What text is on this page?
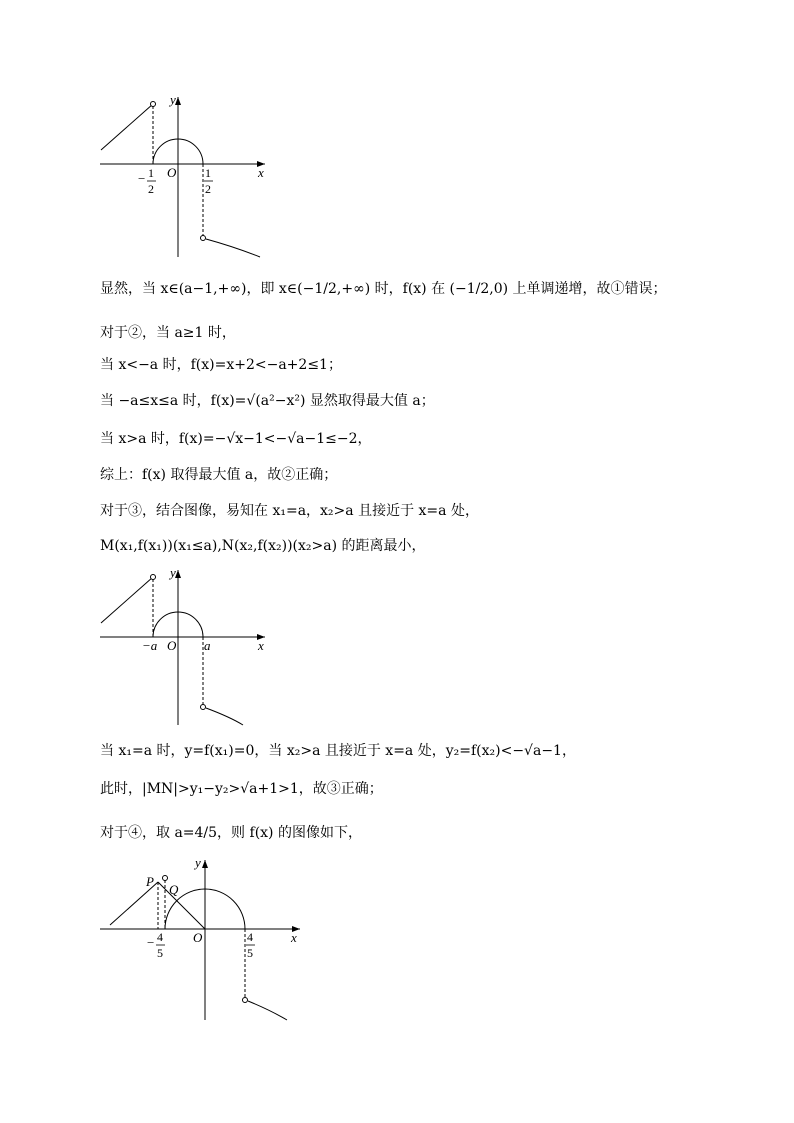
y
x
O
− 1
2
1
2
显然，当 x∈(a−1,+∞)，即 x∈(−1/2,+∞) 时，f(x) 在 (−1/2,0) 上单调递增，故①错误；
对于②，当 a≥1 时，
当 x<−a 时，f(x)=x+2<−a+2≤1；
当 −a≤x≤a 时，f(x)=√(a²−x²) 显然取得最大值 a；
当 x>a 时，f(x)=−√x−1<−√a−1≤−2，
综上：f(x) 取得最大值 a，故②正确；
对于③，结合图像，易知在 x₁=a，x₂>a 且接近于 x=a 处，
M(x₁,f(x₁))(x₁≤a),N(x₂,f(x₂))(x₂>a) 的距离最小，
y
x
O
−a	a
当 x₁=a 时，y=f(x₁)=0，当 x₂>a 且接近于 x=a 处，y₂=f(x₂)<−√a−1，
此时，|MN|>y₁−y₂>√a+1>1，故③正确；
对于④，取 a=4/5，则 f(x) 的图像如下，
y
x
O
P
Q
− 4
5
4
5
